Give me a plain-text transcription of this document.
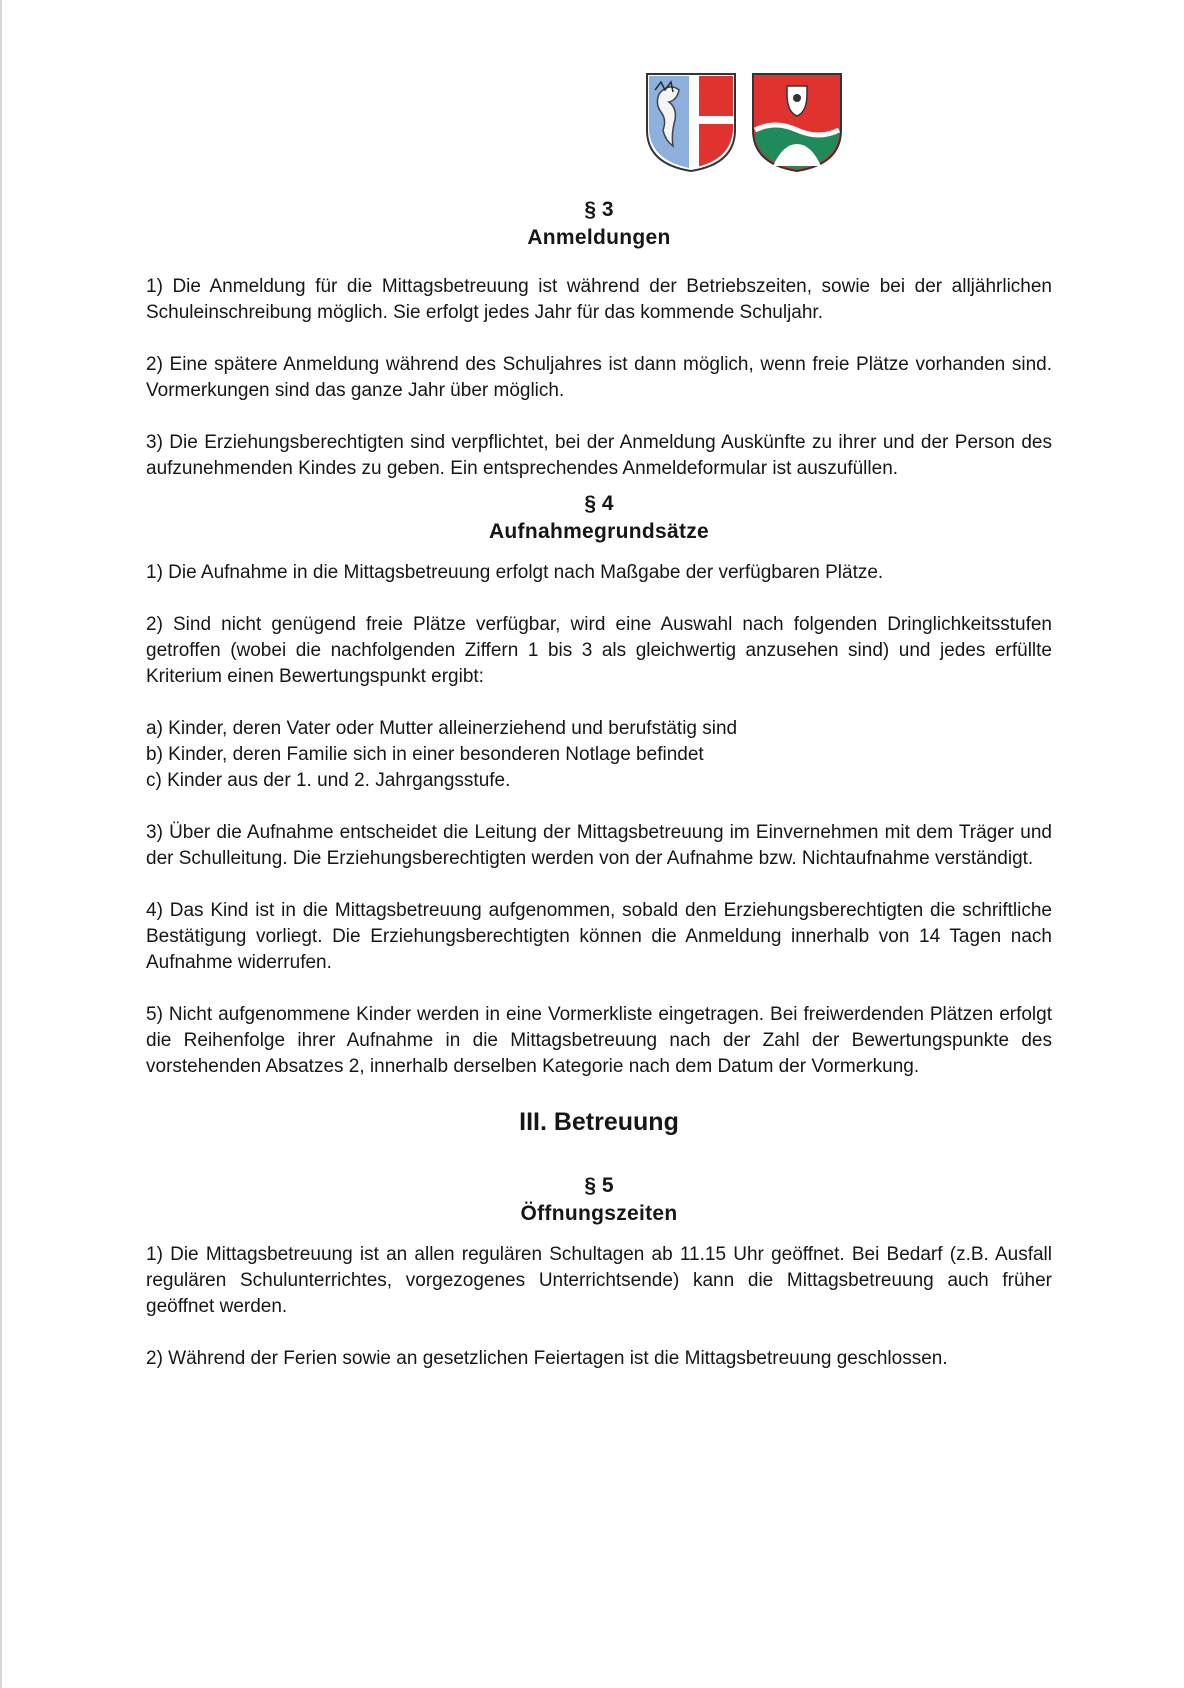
§ 3
Anmeldungen

1) Die Anmeldung für die Mittagsbetreuung ist während der Betriebszeiten, sowie bei der alljährlichen Schuleinschreibung möglich. Sie erfolgt jedes Jahr für das kommende Schuljahr.

2) Eine spätere Anmeldung während des Schuljahres ist dann möglich, wenn freie Plätze vorhanden sind. Vormerkungen sind das ganze Jahr über möglich.

3) Die Erziehungsberechtigten sind verpflichtet, bei der Anmeldung Auskünfte zu ihrer und der Person des aufzunehmenden Kindes zu geben. Ein entsprechendes Anmeldeformular ist auszufüllen.

§ 4
Aufnahmegrundsätze

1) Die Aufnahme in die Mittagsbetreuung erfolgt nach Maßgabe der verfügbaren Plätze.

2) Sind nicht genügend freie Plätze verfügbar, wird eine Auswahl nach folgenden Dringlichkeitsstufen getroffen (wobei die nachfolgenden Ziffern 1 bis 3 als gleichwertig anzusehen sind) und jedes erfüllte Kriterium einen Bewertungspunkt ergibt:

a) Kinder, deren Vater oder Mutter alleinerziehend und berufstätig sind
b) Kinder, deren Familie sich in einer besonderen Notlage befindet
c) Kinder aus der 1. und 2. Jahrgangsstufe.

3) Über die Aufnahme entscheidet die Leitung der Mittagsbetreuung im Einvernehmen mit dem Träger und der Schulleitung. Die Erziehungsberechtigten werden von der Aufnahme bzw. Nichtaufnahme verständigt.

4) Das Kind ist in die Mittagsbetreuung aufgenommen, sobald den Erziehungsberechtigten die schriftliche Bestätigung vorliegt. Die Erziehungsberechtigten können die Anmeldung innerhalb von 14 Tagen nach Aufnahme widerrufen.

5) Nicht aufgenommene Kinder werden in eine Vormerkliste eingetragen. Bei freiwerdenden Plätzen erfolgt die Reihenfolge ihrer Aufnahme in die Mittagsbetreuung nach der Zahl der Bewertungspunkte des vorstehenden Absatzes 2, innerhalb derselben Kategorie nach dem Datum der Vormerkung.

III. Betreuung
§ 5
Öffnungszeiten

1) Die Mittagsbetreuung ist an allen regulären Schultagen ab 11.15 Uhr geöffnet. Bei Bedarf (z.B. Ausfall regulären Schulunterrichtes, vorgezogenes Unterrichtsende) kann die Mittagsbetreuung auch früher geöffnet werden.

2) Während der Ferien sowie an gesetzlichen Feiertagen ist die Mittagsbetreuung geschlossen.
